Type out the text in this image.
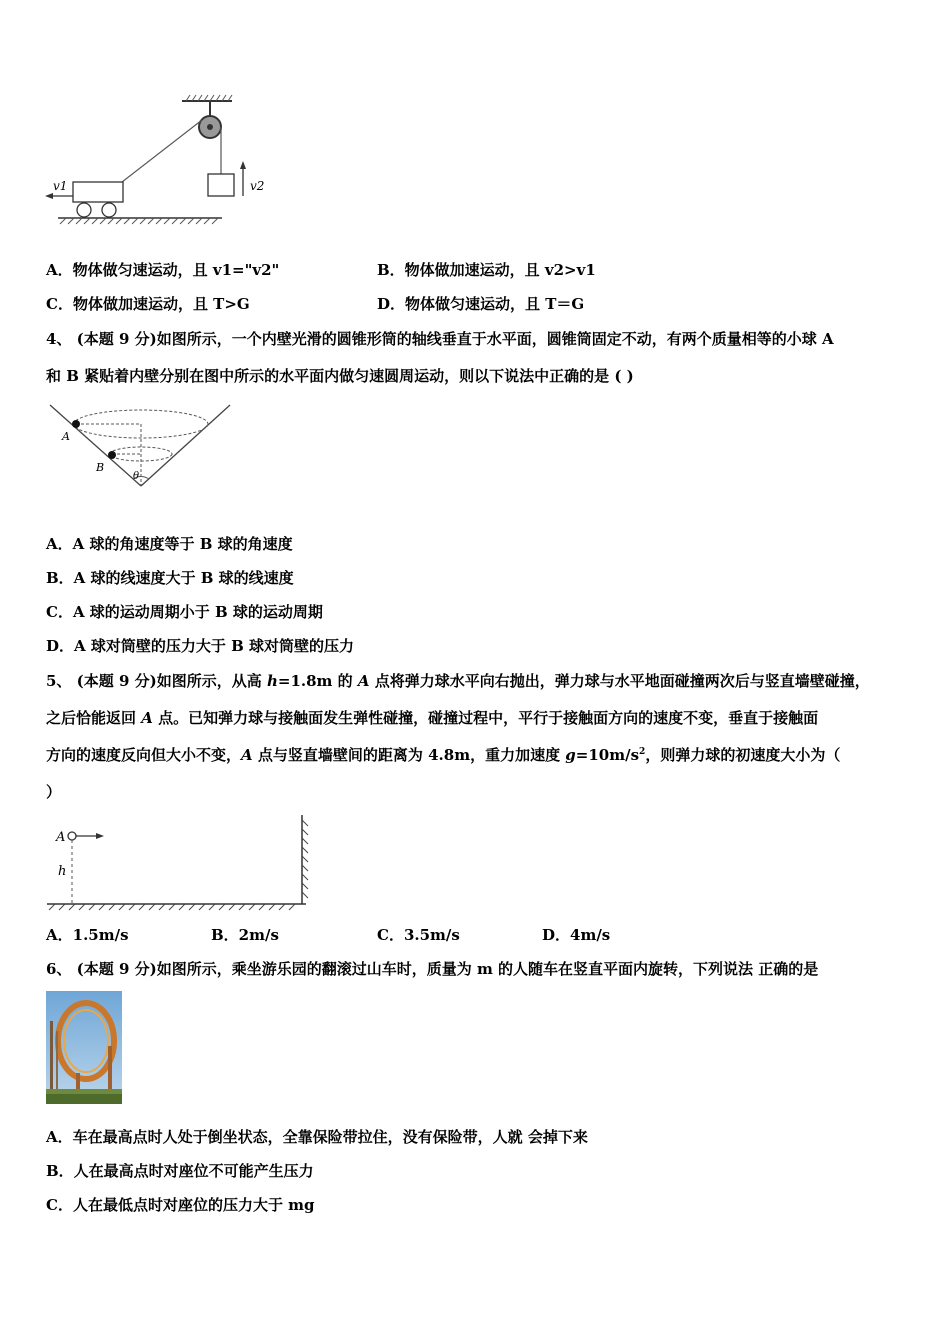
v2
v1
A．物体做匀速运动，且 v1="v2"	B．物体做加速运动，且 v2>v1
C．物体做加速运动，且 T>G	D．物体做匀速运动，且 T＝G
4、 (本题 9 分)如图所示，一个内壁光滑的圆锥形筒的轴线垂直于水平面，圆锥筒固定不动，有两个质量相等的小球 A
和 B 紧贴着内壁分别在图中所示的水平面内做匀速圆周运动，则以下说法中正确的是 ( )
A
B
θ
A．A 球的角速度等于 B 球的角速度
B．A 球的线速度大于 B 球的线速度
C．A 球的运动周期小于 B 球的运动周期
D．A 球对筒壁的压力大于 B 球对筒壁的压力
5、 (本题 9 分)如图所示，从高 h=1.8m 的 A 点将弹力球水平向右抛出，弹力球与水平地面碰撞两次后与竖直墙壁碰撞，
之后恰能返回 A 点。已知弹力球与接触面发生弹性碰撞，碰撞过程中，平行于接触面方向的速度不变，垂直于接触面
方向的速度反向但大小不变，A 点与竖直墙壁间的距离为 4.8m，重力加速度 $g=10m/s^2$，则弹力球的初速度大小为（
）
A
h
A．1.5m/s	B．2m/s	C．3.5m/s	D．4m/s
6、 (本题 9 分)如图所示，乘坐游乐园的翻滚过山车时，质量为 m 的人随车在竖直平面内旋转，下列说法 正确的是
A．车在最高点时人处于倒坐状态，全靠保险带拉住，没有保险带，人就 会掉下来
B．人在最高点时对座位不可能产生压力
C．人在最低点时对座位的压力大于 mg
